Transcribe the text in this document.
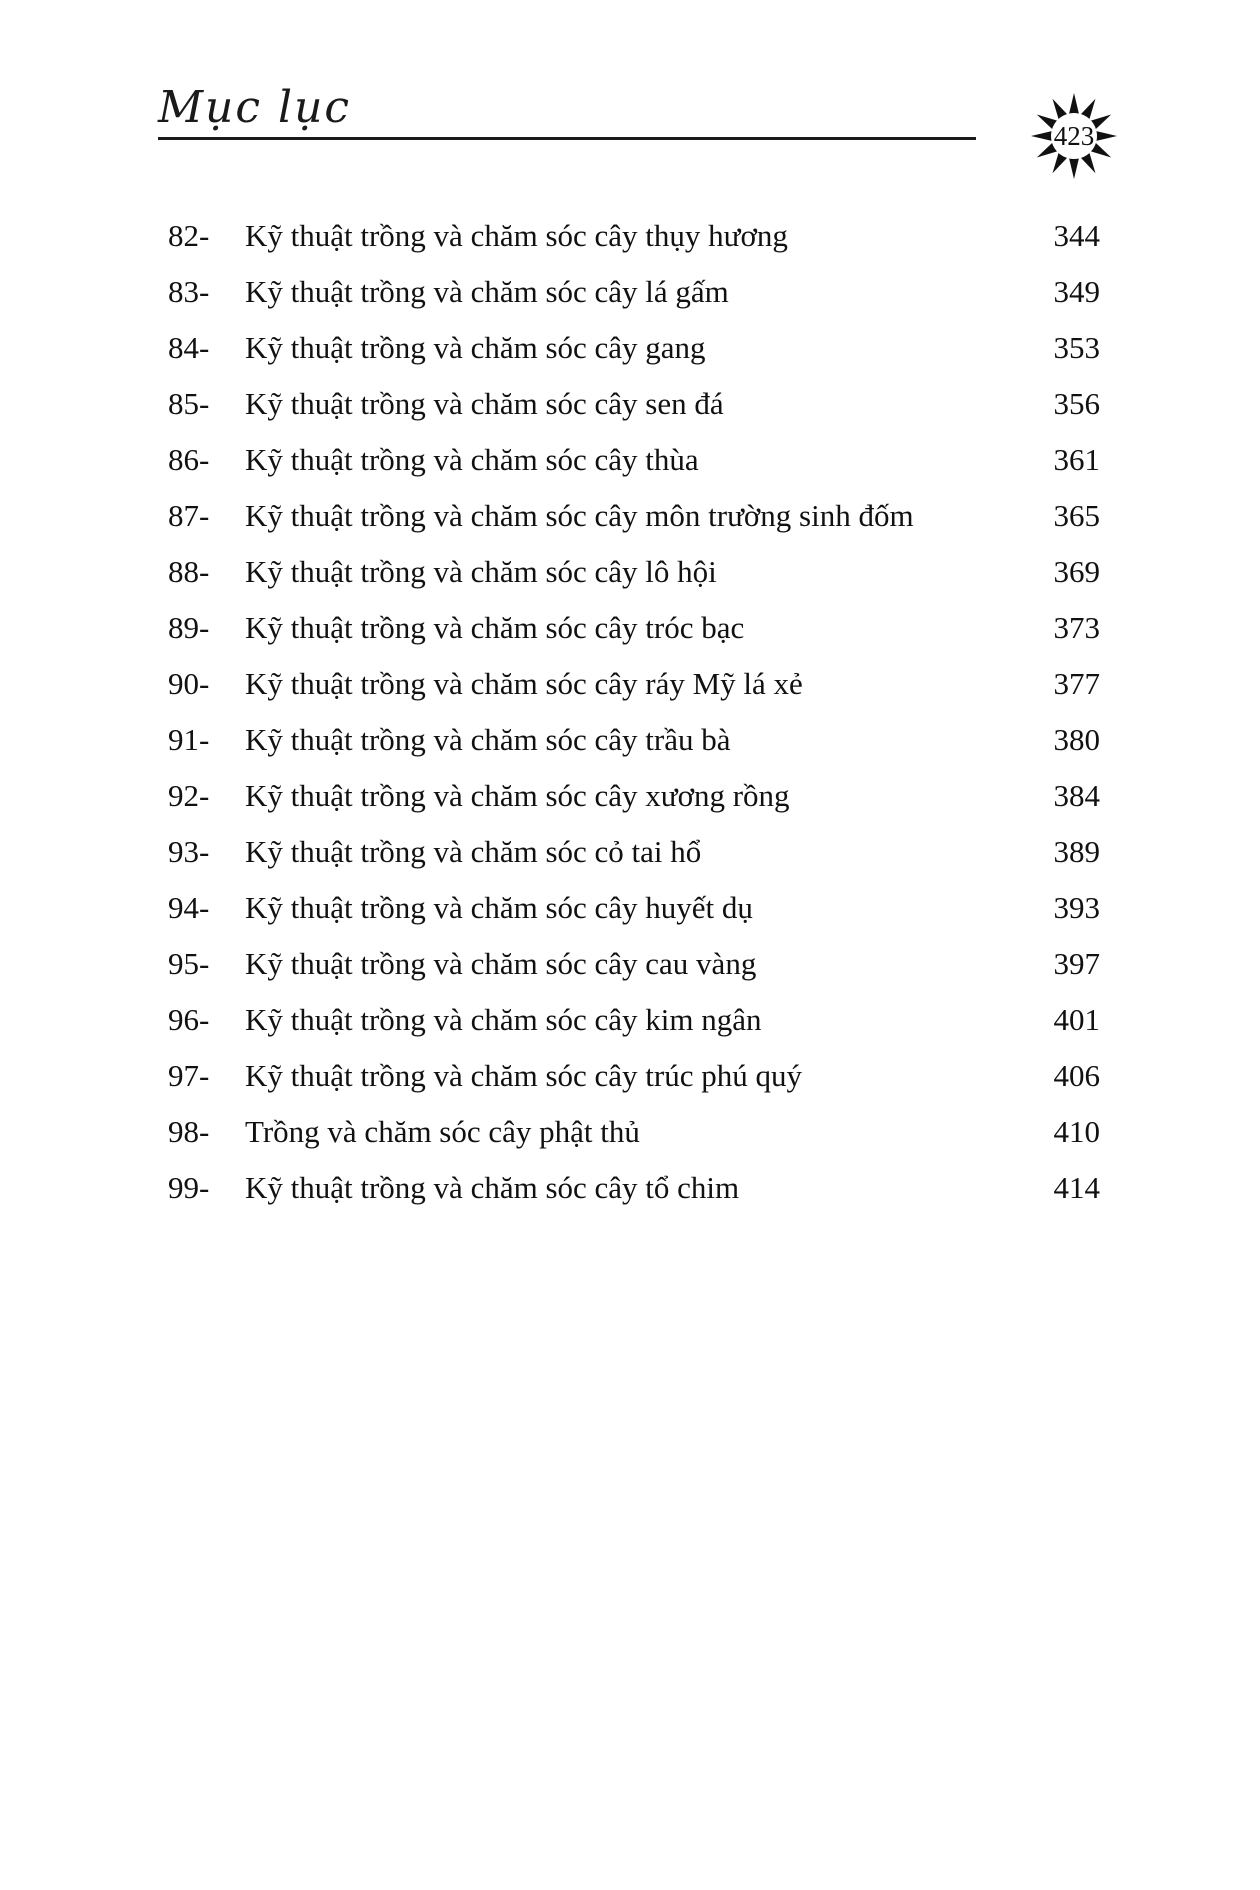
Mục lục
423
82-	Kỹ thuật trồng và chăm sóc cây thụy hương	344
83-	Kỹ thuật trồng và chăm sóc cây lá gấm	349
84-	Kỹ thuật trồng và chăm sóc cây gang	353
85-	Kỹ thuật trồng và chăm sóc cây sen đá	356
86-	Kỹ thuật trồng và chăm sóc cây thùa	361
87-	Kỹ thuật trồng và chăm sóc cây môn trường sinh đốm	365
88-	Kỹ thuật trồng và chăm sóc cây lô hội	369
89-	Kỹ thuật trồng và chăm sóc cây tróc bạc	373
90-	Kỹ thuật trồng và chăm sóc cây ráy Mỹ lá xẻ	377
91-	Kỹ thuật trồng và chăm sóc cây trầu bà	380
92-	Kỹ thuật trồng và chăm sóc cây xương rồng	384
93-	Kỹ thuật trồng và chăm sóc cỏ tai hổ	389
94-	Kỹ thuật trồng và chăm sóc cây huyết dụ	393
95-	Kỹ thuật trồng và chăm sóc cây cau vàng	397
96-	Kỹ thuật trồng và chăm sóc cây kim ngân	401
97-	Kỹ thuật trồng và chăm sóc cây trúc phú quý	406
98-	Trồng và chăm sóc cây phật thủ	410
99-	Kỹ thuật trồng và chăm sóc cây tổ chim	414
